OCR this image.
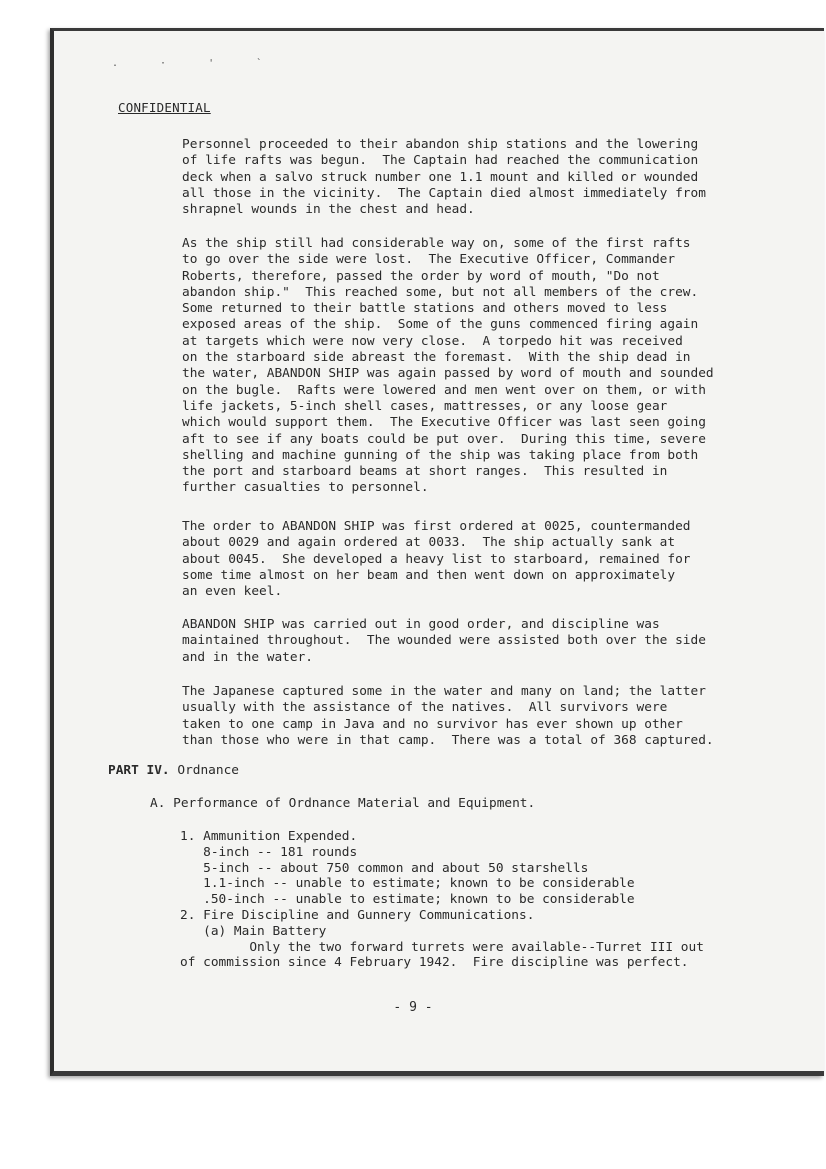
. · ' `
CONFIDENTIAL
Personnel proceeded to their abandon ship stations and the lowering
of life rafts was begun.  The Captain had reached the communication
deck when a salvo struck number one 1.1 mount and killed or wounded
all those in the vicinity.  The Captain died almost immediately from
shrapnel wounds in the chest and head.
As the ship still had considerable way on, some of the first rafts
to go over the side were lost.  The Executive Officer, Commander
Roberts, therefore, passed the order by word of mouth, "Do not
abandon ship."  This reached some, but not all members of the crew.
Some returned to their battle stations and others moved to less
exposed areas of the ship.  Some of the guns commenced firing again
at targets which were now very close.  A torpedo hit was received
on the starboard side abreast the foremast.  With the ship dead in
the water, ABANDON SHIP was again passed by word of mouth and sounded
on the bugle.  Rafts were lowered and men went over on them, or with
life jackets, 5-inch shell cases, mattresses, or any loose gear
which would support them.  The Executive Officer was last seen going
aft to see if any boats could be put over.  During this time, severe
shelling and machine gunning of the ship was taking place from both
the port and starboard beams at short ranges.  This resulted in
further casualties to personnel.
The order to ABANDON SHIP was first ordered at 0025, countermanded
about 0029 and again ordered at 0033.  The ship actually sank at
about 0045.  She developed a heavy list to starboard, remained for
some time almost on her beam and then went down on approximately
an even keel.
ABANDON SHIP was carried out in good order, and discipline was
maintained throughout.  The wounded were assisted both over the side
and in the water.
The Japanese captured some in the water and many on land; the latter
usually with the assistance of the natives.  All survivors were
taken to one camp in Java and no survivor has ever shown up other
than those who were in that camp.  There was a total of 368 captured.
PART IV. Ordnance
A. Performance of Ordnance Material and Equipment.
1. Ammunition Expended.
8-inch -- 181 rounds
5-inch -- about 750 common and about 50 starshells
1.1-inch -- unable to estimate; known to be considerable
.50-inch -- unable to estimate; known to be considerable
2. Fire Discipline and Gunnery Communications.
(a) Main Battery
Only the two forward turrets were available--Turret III out
of commission since 4 February 1942.  Fire discipline was perfect.
- 9 -
